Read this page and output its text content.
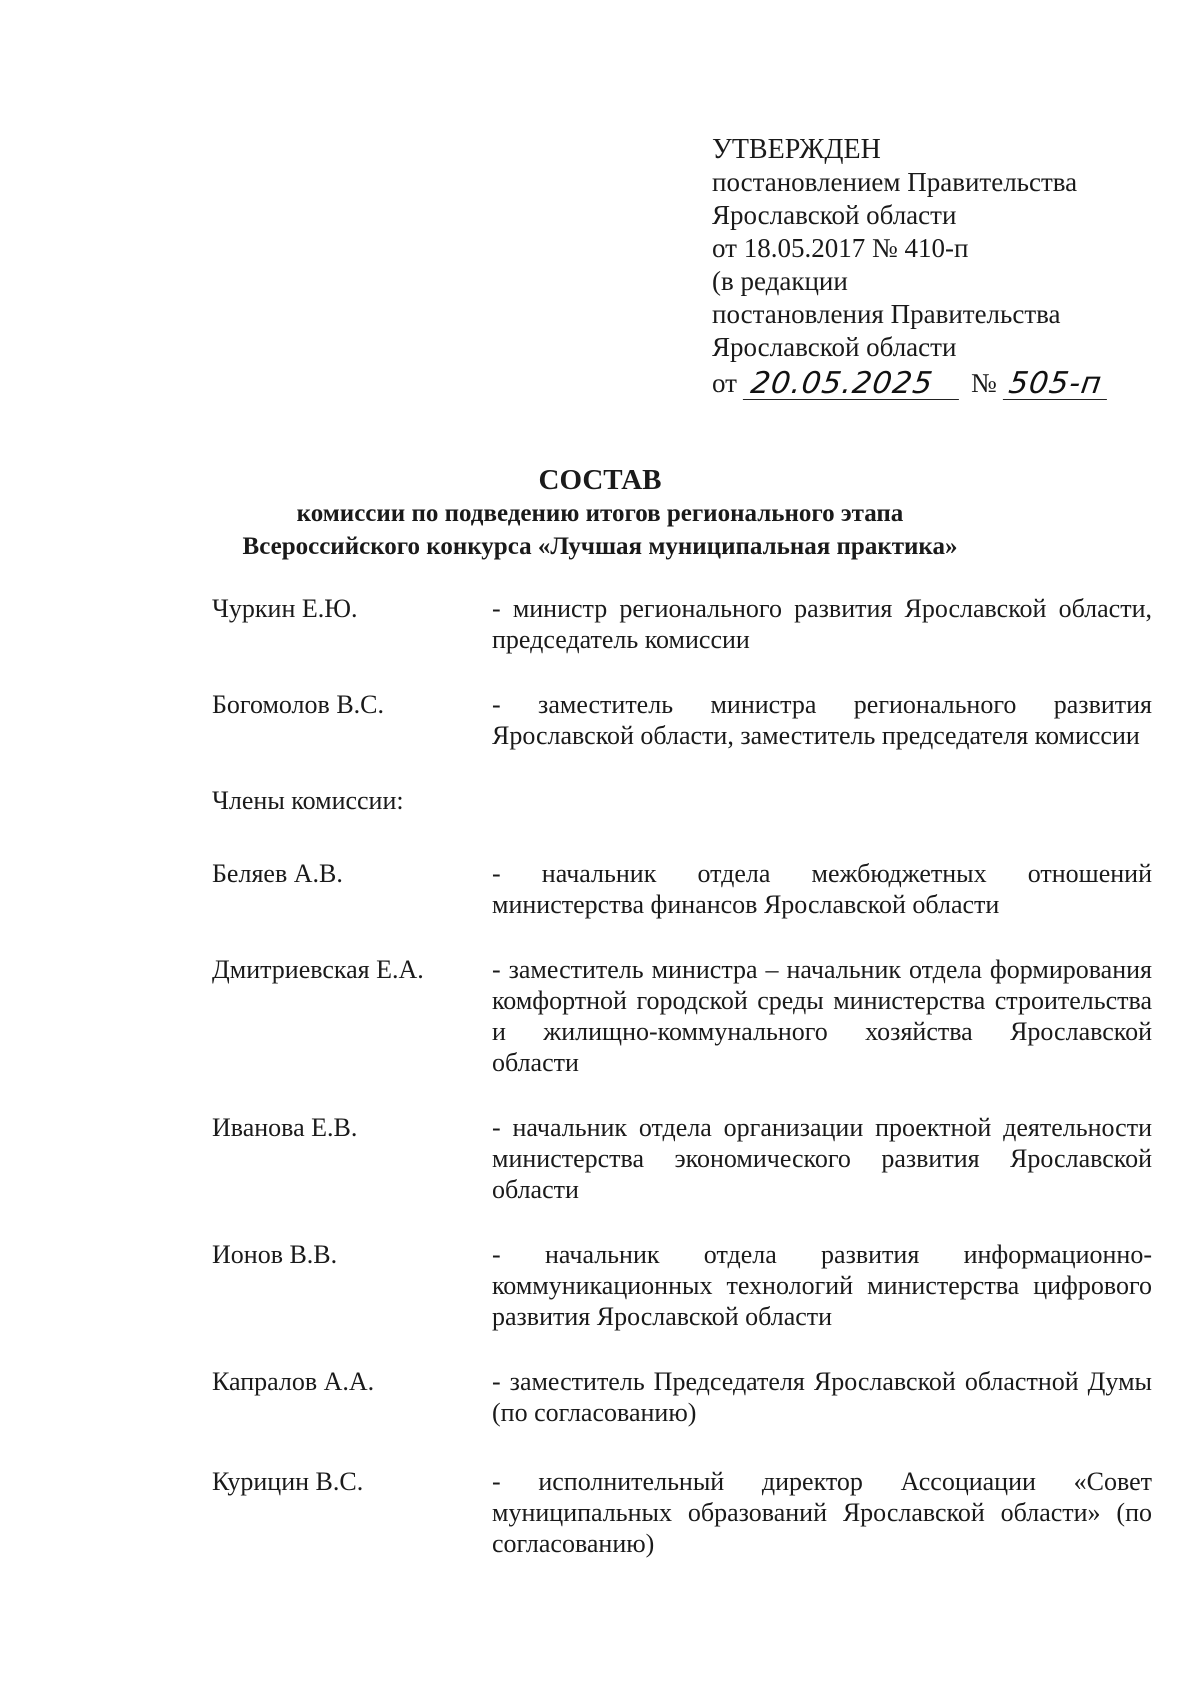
УТВЕРЖДЕН
постановлением Правительства
Ярославской области
от 18.05.2017 № 410-п
(в редакции
постановления Правительства
Ярославской области
от 20.05.2025	№ 505-п
СОСТАВ
комиссии по подведению итогов регионального этапа
Всероссийского конкурса «Лучшая муниципальная практика»
Чуркин Е.Ю.	- министр регионального развития Ярославской области, председатель комиссии
Богомолов В.С.	- заместитель министра регионального развития Ярославской области, заместитель председателя комиссии
Члены комиссии:
Беляев А.В.	- начальник отдела межбюджетных отношений министерства финансов Ярославской области
Дмитриевская Е.А.	- заместитель министра – начальник отдела формирования комфортной городской среды министерства строительства и жилищно-коммунального хозяйства Ярославской области
Иванова Е.В.	- начальник отдела организации проектной деятельности министерства экономического развития Ярославской области
Ионов В.В.	- начальник отдела развития информационно-коммуникационных технологий министерства цифрового развития Ярославской области
Капралов А.А.	- заместитель Председателя Ярославской областной Думы (по согласованию)
Курицин В.С.	- исполнительный директор Ассоциации «Совет муниципальных образований Ярославской области» (по согласованию)
